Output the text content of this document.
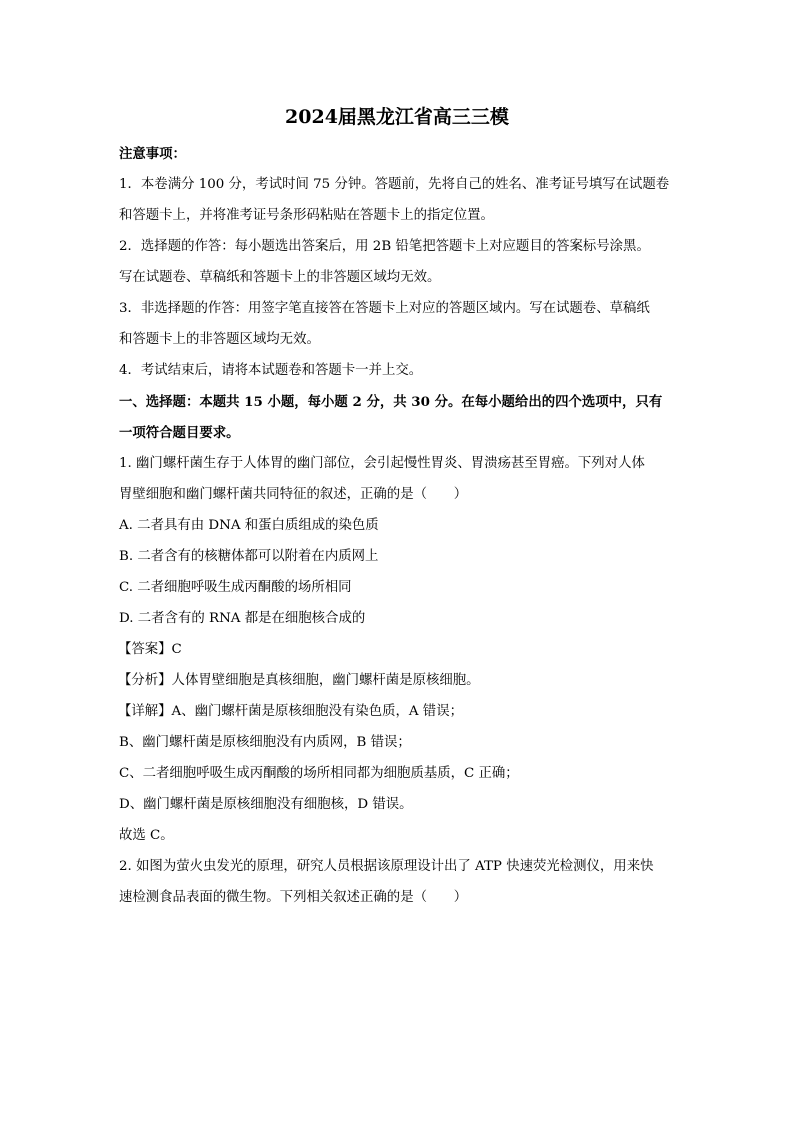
2024届黑龙江省高三三模
注意事项：
1．本卷满分 100 分，考试时间 75 分钟。答题前，先将自己的姓名、准考证号填写在试题卷
和答题卡上，并将准考证号条形码粘贴在答题卡上的指定位置。
2．选择题的作答：每小题选出答案后，用 2B 铅笔把答题卡上对应题目的答案标号涂黑。
写在试题卷、草稿纸和答题卡上的非答题区域均无效。
3．非选择题的作答：用签字笔直接答在答题卡上对应的答题区域内。写在试题卷、草稿纸
和答题卡上的非答题区域均无效。
4．考试结束后，请将本试题卷和答题卡一并上交。
一、选择题：本题共 15 小题，每小题 2 分，共 30 分。在每小题给出的四个选项中，只有
一项符合题目要求。
1. 幽门螺杆菌生存于人体胃的幽门部位，会引起慢性胃炎、胃溃疡甚至胃癌。下列对人体
胃壁细胞和幽门螺杆菌共同特征的叙述，正确的是（　　）
A. 二者具有由 DNA 和蛋白质组成的染色质
B. 二者含有的核糖体都可以附着在内质网上
C. 二者细胞呼吸生成丙酮酸的场所相同
D. 二者含有的 RNA 都是在细胞核合成的
【答案】C
【分析】人体胃壁细胞是真核细胞，幽门螺杆菌是原核细胞。
【详解】A、幽门螺杆菌是原核细胞没有染色质，A 错误；
B、幽门螺杆菌是原核细胞没有内质网，B 错误；
C、二者细胞呼吸生成丙酮酸的场所相同都为细胞质基质，C 正确；
D、幽门螺杆菌是原核细胞没有细胞核，D 错误。
故选 C。
2. 如图为萤火虫发光的原理，研究人员根据该原理设计出了 ATP 快速荧光检测仪，用来快
速检测食品表面的微生物。下列相关叙述正确的是（　　）
